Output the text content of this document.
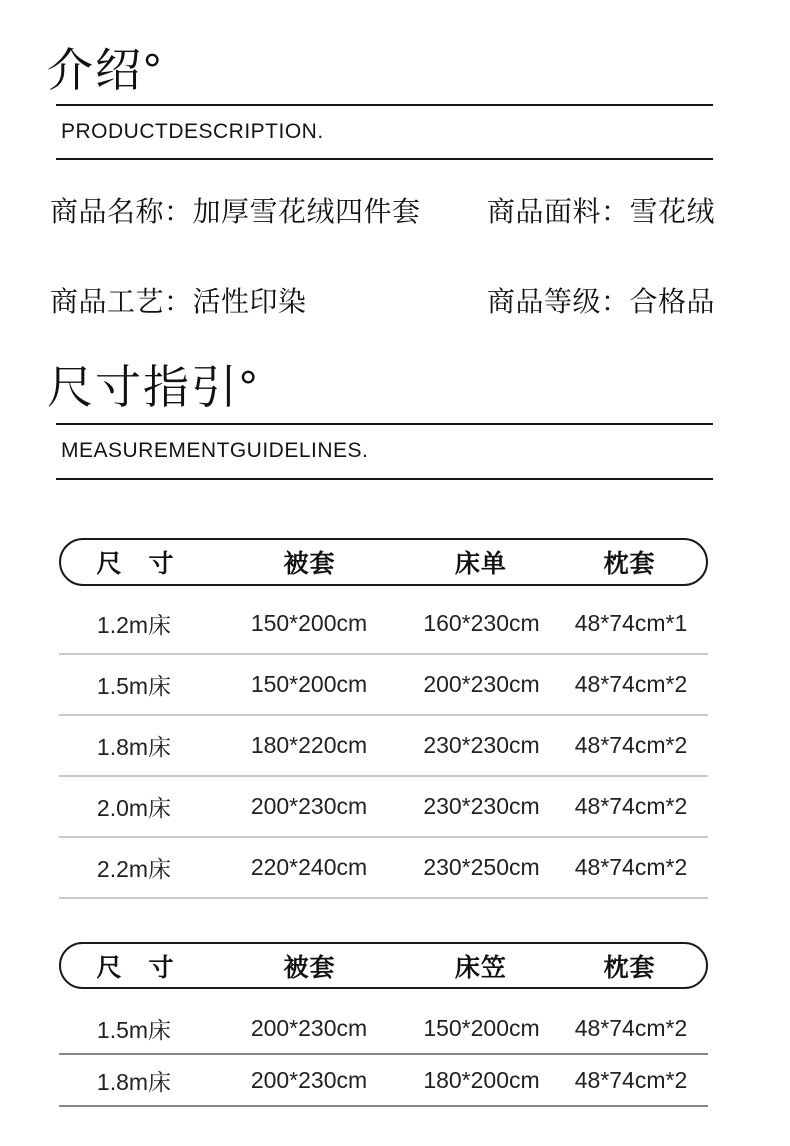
介绍°
PRODUCTDESCRIPTION.
商品名称：加厚雪花绒四件套	商品面料：雪花绒
商品工艺：活性印染	商品等级：合格品
尺寸指引°
MEASUREMENTGUIDELINES.
尺　寸	被套	床单	枕套
1.2m床	150*200cm	160*230cm	48*74cm*1
1.5m床	150*200cm	200*230cm	48*74cm*2
1.8m床	180*220cm	230*230cm	48*74cm*2
2.0m床	200*230cm	230*230cm	48*74cm*2
2.2m床	220*240cm	230*250cm	48*74cm*2
尺　寸	被套	床笠	枕套
1.5m床	200*230cm	150*200cm	48*74cm*2
1.8m床	200*230cm	180*200cm	48*74cm*2
